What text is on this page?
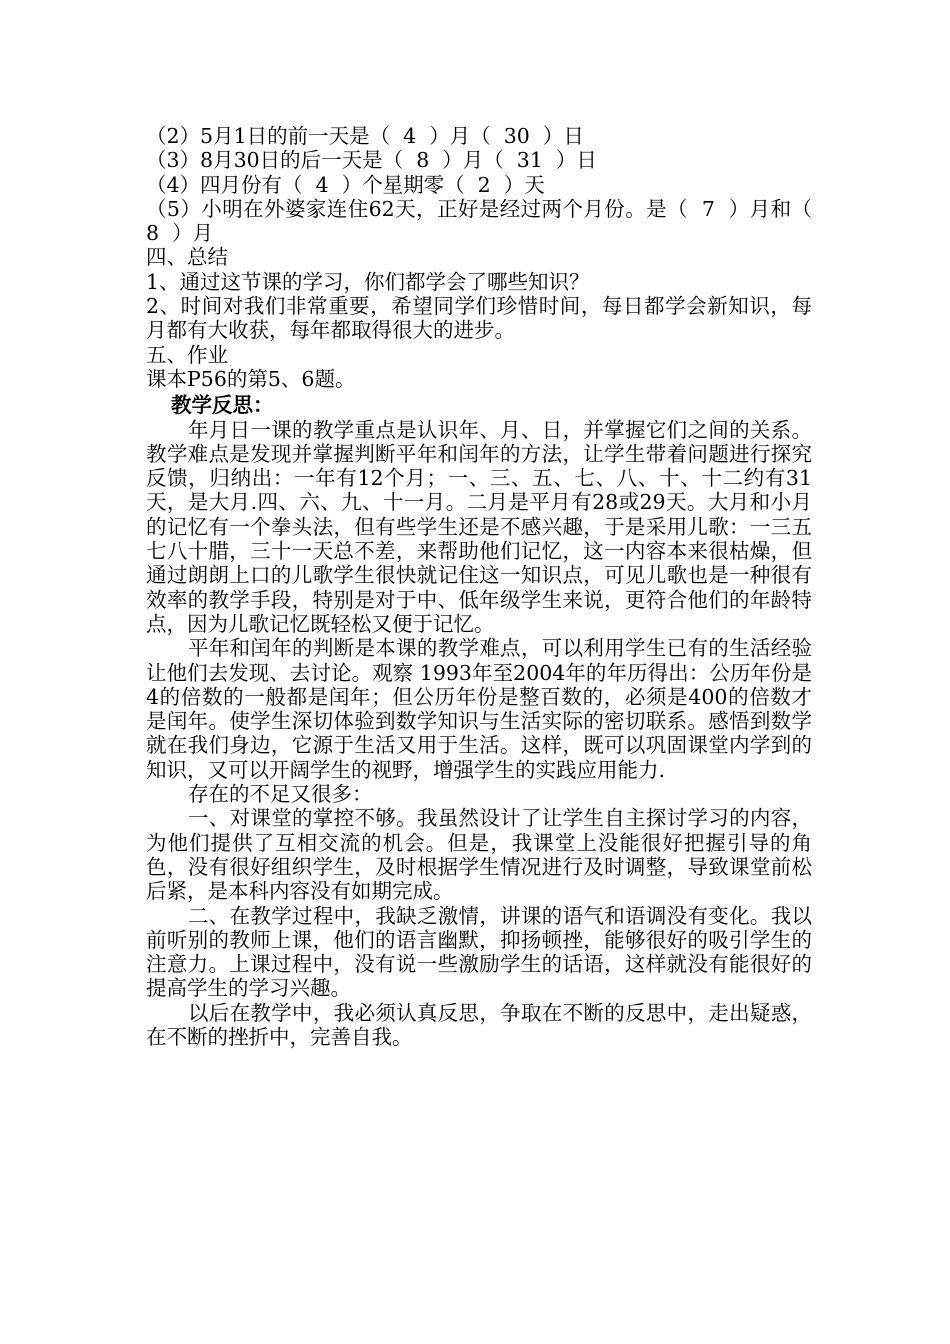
（2）5月1日的前一天是（  4  ）月（  30  ）日
（3）8月30日的后一天是（  8  ）月（  31  ）日
（4）四月份有（  4  ）个星期零（  2  ）天
（5）小明在外婆家连住62天，正好是经过两个月份。是（  7  ）月和（  8  ）月
四、总结
1、通过这节课的学习，你们都学会了哪些知识？
2、时间对我们非常重要，希望同学们珍惜时间，每日都学会新知识，每月都有大收获，每年都取得很大的进步。
五、作业
课本P56的第5、6题。
教学反思：

年月日一课的教学重点是认识年、月、日，并掌握它们之间的关系。教学难点是发现并掌握判断平年和闰年的方法，让学生带着问题进行探究反馈，归纳出：一年有12个月；一、三、五、七、八、十、十二约有31天，是大月.四、六、九、十一月。二月是平月有28或29天。大月和小月的记忆有一个拳头法，但有些学生还是不感兴趣，于是采用儿歌：一三五七八十腊，三十一天总不差，来帮助他们记忆，这一内容本来很枯燥，但通过朗朗上口的儿歌学生很快就记住这一知识点，可见儿歌也是一种很有效率的教学手段，特别是对于中、低年级学生来说，更符合他们的年龄特点，因为儿歌记忆既轻松又便于记忆。

平年和闰年的判断是本课的教学难点，可以利用学生已有的生活经验让他们去发现、去讨论。观察 1993年至2004年的年历得出：公历年份是4的倍数的一般都是闰年；但公历年份是整百数的，必须是400的倍数才是闰年。使学生深切体验到数学知识与生活实际的密切联系。感悟到数学就在我们身边，它源于生活又用于生活。这样，既可以巩固课堂内学到的知识，又可以开阔学生的视野，增强学生的实践应用能力.

存在的不足又很多：

一、对课堂的掌控不够。我虽然设计了让学生自主探讨学习的内容，为他们提供了互相交流的机会。但是，我课堂上没能很好把握引导的角色，没有很好组织学生，及时根据学生情况进行及时调整，导致课堂前松后紧，是本科内容没有如期完成。

二、在教学过程中，我缺乏激情，讲课的语气和语调没有变化。我以前听别的教师上课，他们的语言幽默，抑扬顿挫，能够很好的吸引学生的注意力。上课过程中，没有说一些激励学生的话语，这样就没有能很好的提高学生的学习兴趣。

以后在教学中，我必须认真反思，争取在不断的反思中，走出疑惑，在不断的挫折中，完善自我。
